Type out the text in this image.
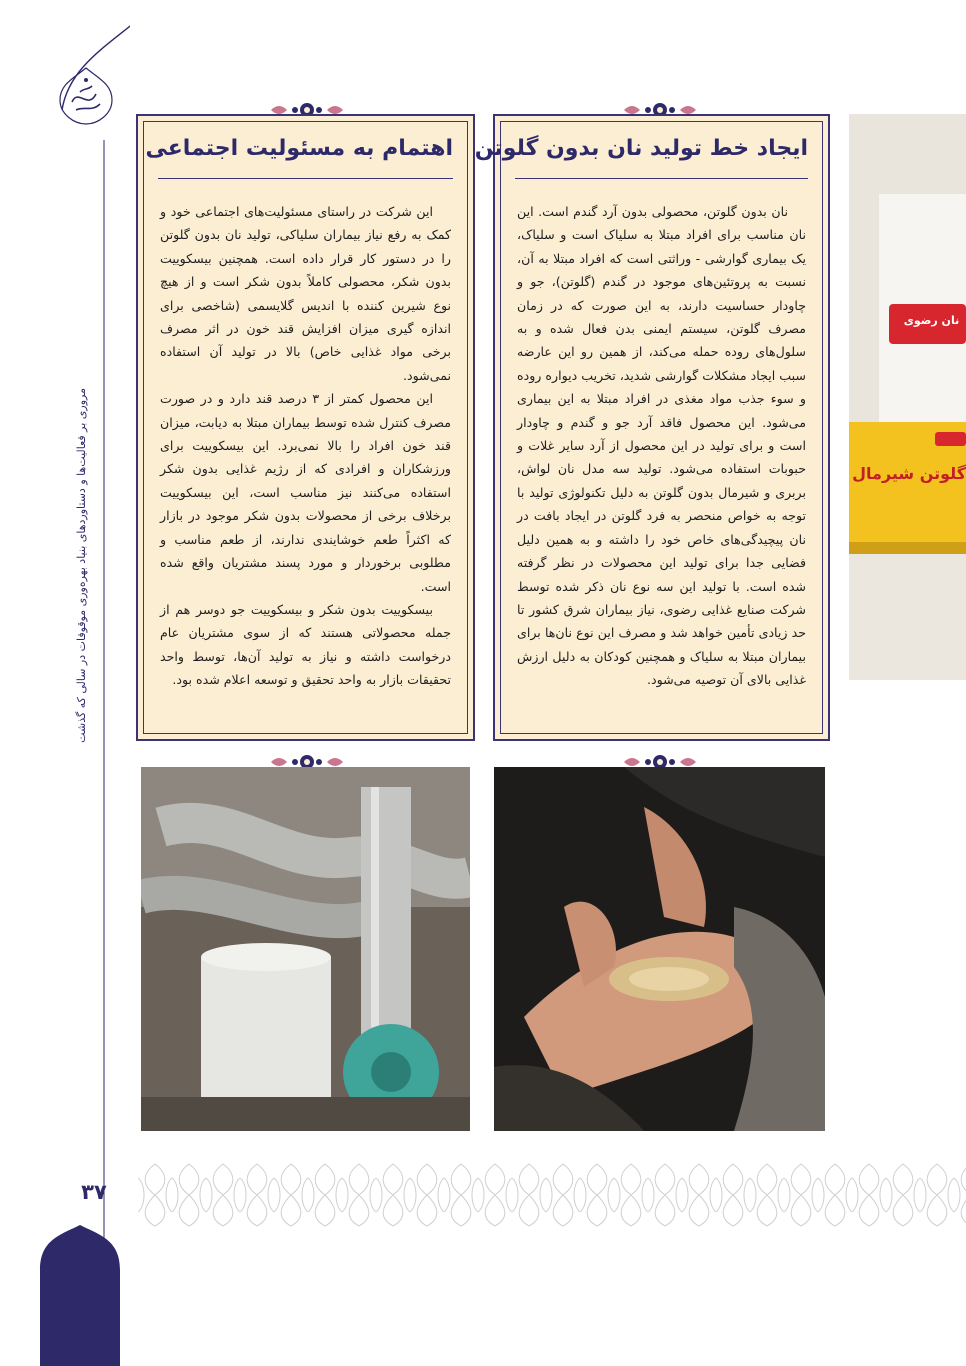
مروری بر فعالیت‌ها و دستاوردهای بنیاد بهره‌وری موقوفات در سالی که گذشت
۳۷
اهتمام به مسئولیت اجتماعی

این شرکت در راستای مسئولیت‌های اجتماعی خود و کمک به رفع نیاز بیماران سلیاکی، تولید نان بدون گلوتن را در دستور کار قرار داده است. همچنین بیسکوییت بدون شکر، محصولی کاملاً بدون شکر است و از هیچ نوع شیرین کننده با اندیس گلایسمی (شاخصی برای اندازه گیری میزان افزایش قند خون در اثر مصرف برخی مواد غذایی خاص) بالا در تولید آن استفاده نمی‌شود.

این محصول کمتر از ۳ درصد قند دارد و در صورت مصرف کنترل شده توسط بیماران مبتلا به دیابت، میزان قند خون افراد را بالا نمی‌برد. این بیسکوییت برای ورزشکاران و افرادی که از رژیم غذایی بدون شکر استفاده می‌کنند نیز مناسب است، این بیسکوییت برخلاف برخی از محصولات بدون شکر موجود در بازار که اکثراً طعم خوشایندی ندارند، از طعم مناسب و مطلوبی برخوردار و مورد پسند مشتریان واقع شده است.

بیسکوییت بدون شکر و بیسکوییت جو دوسر هم از جمله محصولاتی هستند که از سوی مشتریان عام درخواست داشته و نیاز به تولید آن‌ها، توسط واحد تحقیقات بازار به واحد تحقیق و توسعه اعلام شده بود.

ایجاد خط تولید نان بدون گلوتن

نان بدون گلوتن، محصولی بدون آرد گندم است. این نان مناسب برای افراد مبتلا به سلیاک است و سلیاک، یک بیماری گوارشی - وراثتی است که افراد مبتلا به آن، نسبت به پروتئین‌های موجود در گندم (گلوتن)، جو و چاودار حساسیت دارند، به این صورت که در زمان مصرف گلوتن، سیستم ایمنی بدن فعال شده و به سلول‌های روده حمله می‌کند، از همین رو این عارضه سبب ایجاد مشکلات گوارشی شدید، تخریب دیواره روده و سوء جذب مواد مغذی در افراد مبتلا به این بیماری می‌شود. این محصول فاقد آرد جو و گندم و چاودار است و برای تولید در این محصول از آرد سایر غلات و حبوبات استفاده می‌شود. تولید سه مدل نان لواش، بربری و شیرمال بدون گلوتن به دلیل تکنولوژی تولید با توجه به خواص منحصر به فرد گلوتن در ایجاد بافت در نان پیچیدگی‌های خاص خود را داشته و به همین دلیل فضایی جدا برای تولید این محصولات در نظر گرفته شده است. با تولید این سه نوع نان ذکر شده توسط شرکت صنایع غذایی رضوی، نیاز بیماران شرق کشور تا حد زیادی تأمین خواهد شد و مصرف این نوع نان‌ها برای بیماران مبتلا به سلیاک و همچنین کودکان به دلیل ارزش غذایی بالای آن توصیه می‌شود.

نان رضوی
گلوتن شیرمال
